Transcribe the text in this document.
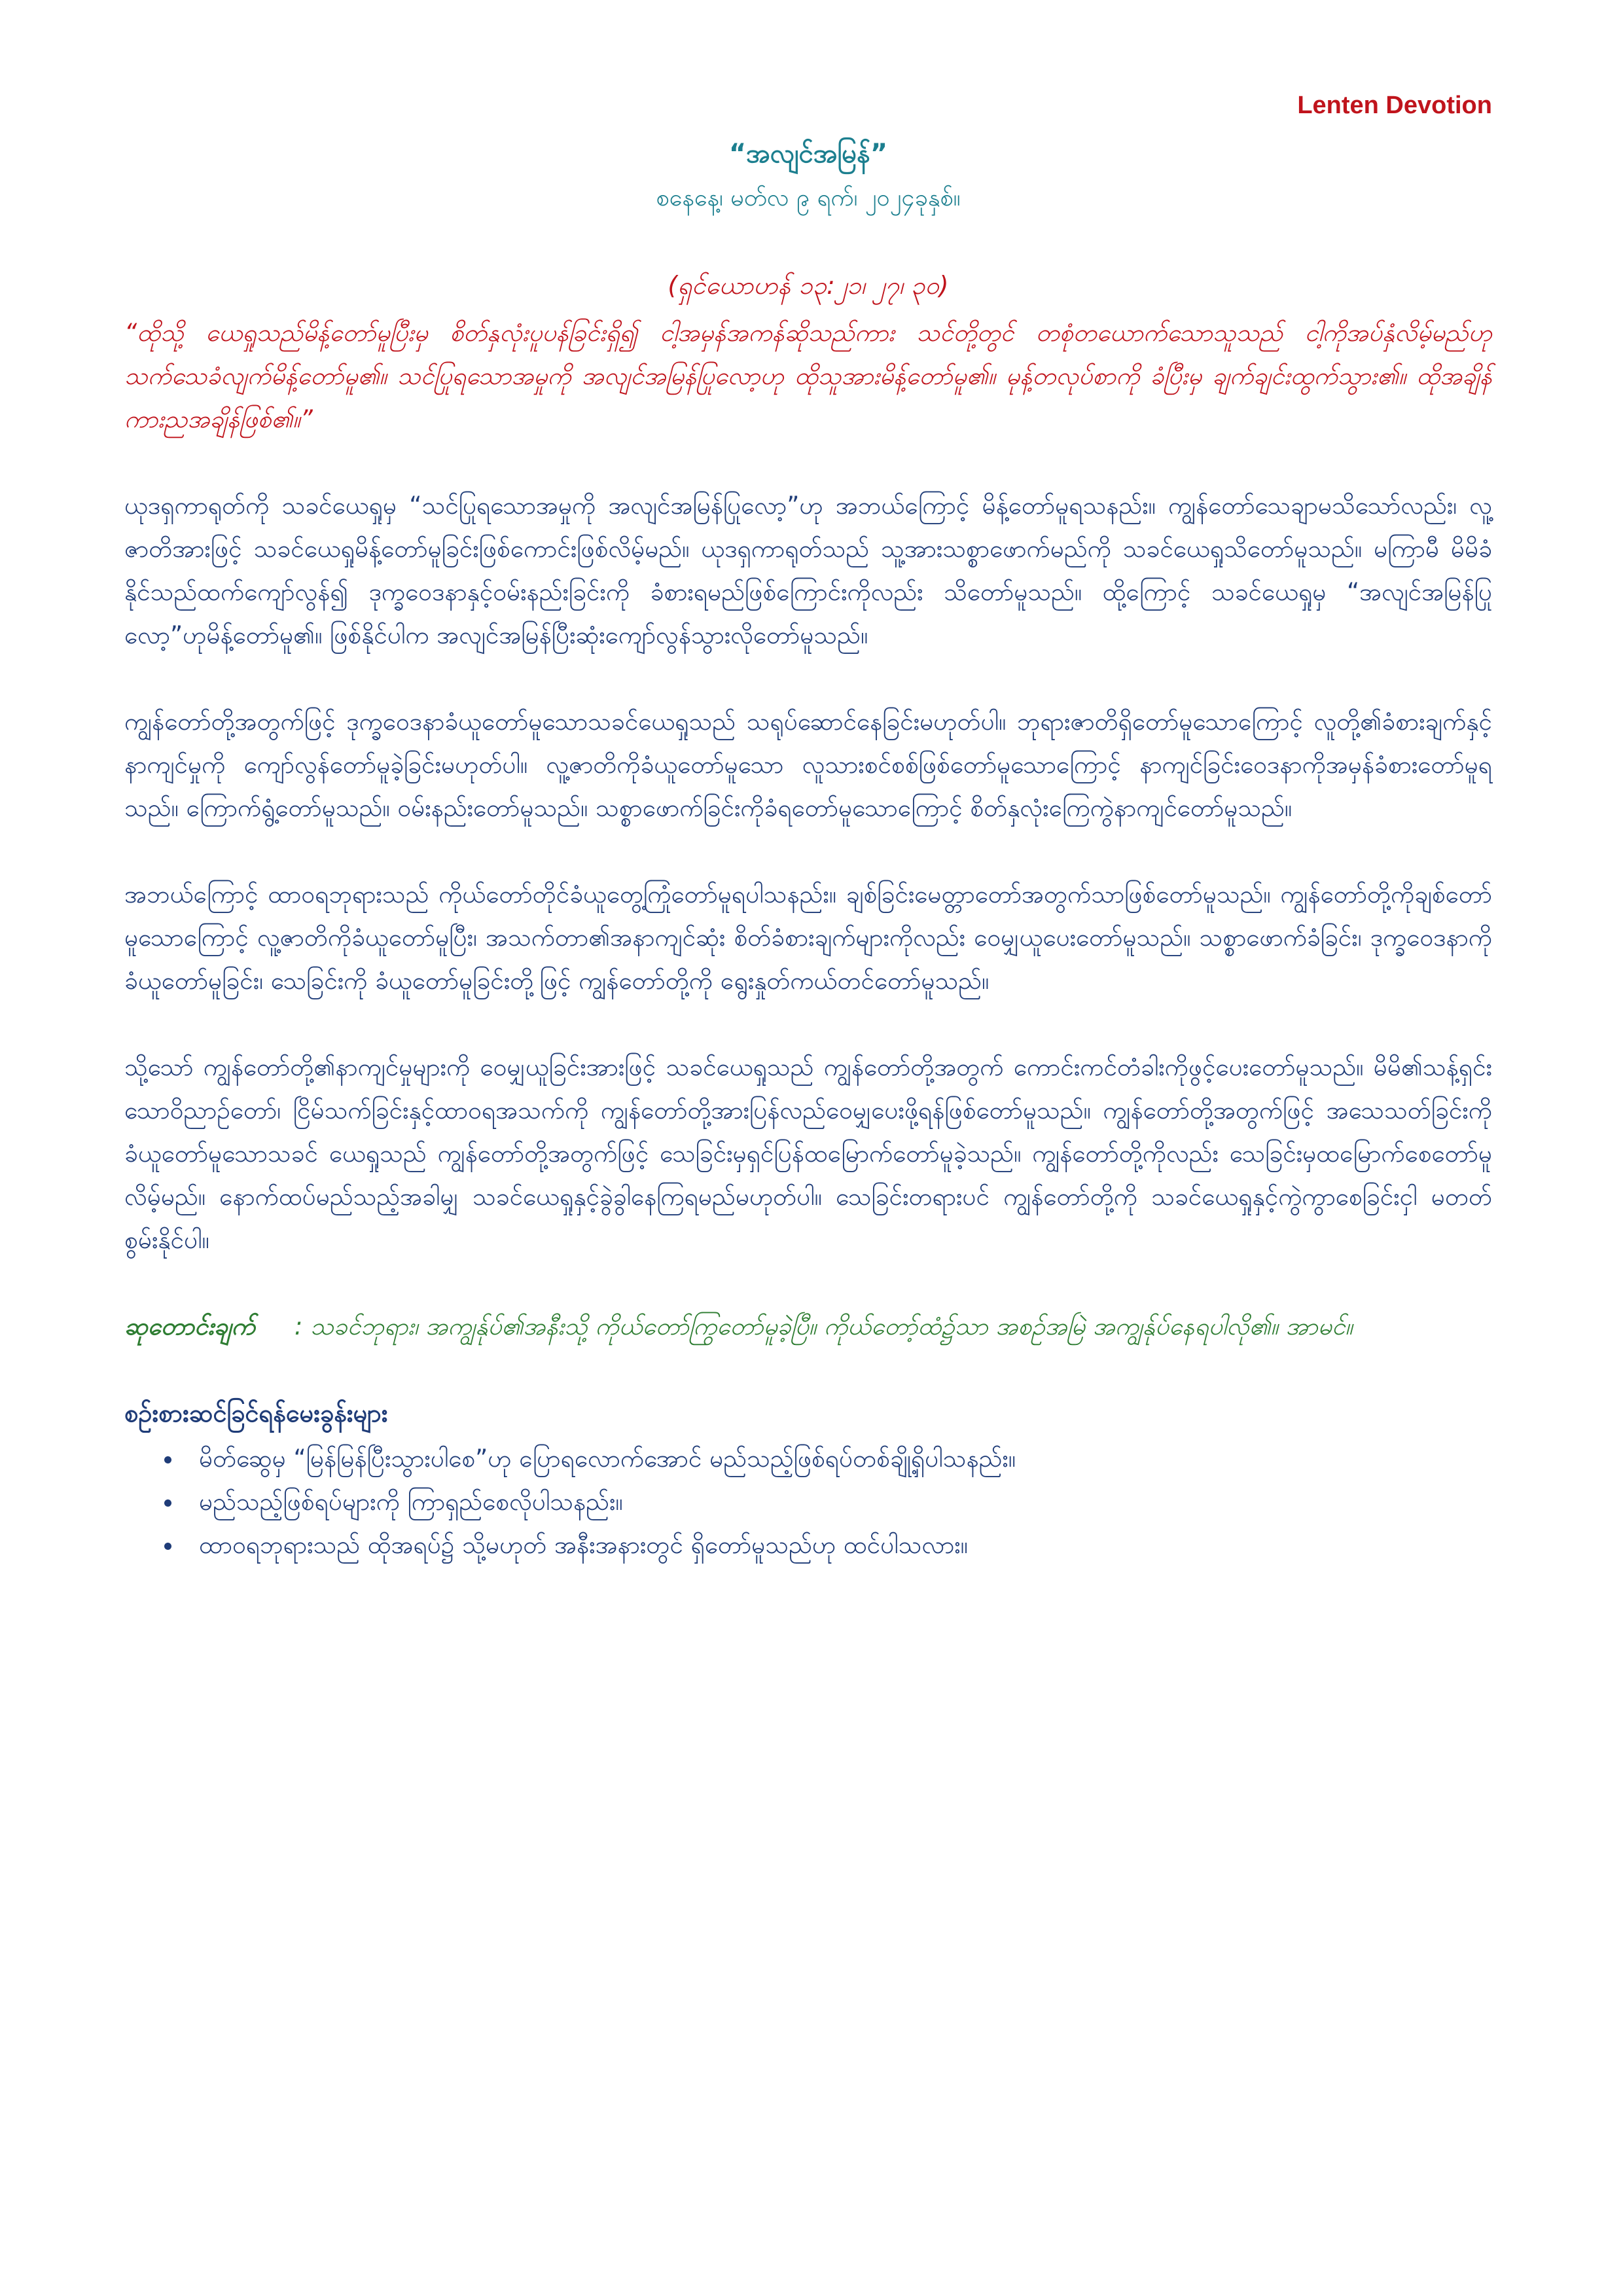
Lenten Devotion
“အလျင်အမြန်”
စနေနေ့၊ မတ်လ ၉ ရက်၊ ၂၀၂၄ခုနှစ်။
(ရှင်ယောဟန် ၁၃:၂၁၊ ၂၇၊ ၃၀)

“ထိုသို့ ယေရှုသည်မိန့်တော်မူပြီးမှ စိတ်နှလုံးပူပန်ခြင်းရှိ၍ ငါ့အမှန်အကန်ဆိုသည်ကား သင်တို့တွင် တစုံတယောက်သောသူသည် ငါ့ကိုအပ်နှံလိမ့်မည်ဟု သက်သေခံလျက်မိန့်တော်မူ၏။ သင်ပြုရသောအမှုကို အလျင်အမြန်ပြုလော့ဟု ထိုသူအားမိန့်တော်မူ၏။ မုန့်တလုပ်စာကို ခံပြီးမှ ချက်ချင်းထွက်သွား၏။ ထိုအချိန်ကားညအချိန်ဖြစ်၏။”

ယုဒရှကာရုတ်ကို သခင်ယေရှုမှ “သင်ပြုရသောအမှုကို အလျင်အမြန်ပြုလော့”ဟု အဘယ်ကြောင့် မိန့်တော်မူရသနည်း။ ကျွန်တော်သေချာမသိသော်လည်း၊ လူ့ဇာတိအားဖြင့် သခင်ယေရှုမိန့်တော်မူခြင်းဖြစ်ကောင်းဖြစ်လိမ့်မည်။ ယုဒရှကာရုတ်သည် သူ့အားသစ္စာဖောက်မည်ကို သခင်ယေရှုသိတော်မူသည်။ မကြာမီ မိမိခံနိုင်သည်ထက်ကျော်လွန်၍ ဒုက္ခဝေဒနာနှင့်ဝမ်းနည်းခြင်းကို ခံစားရမည်ဖြစ်ကြောင်းကိုလည်း သိတော်မူသည်။ ထို့ကြောင့် သခင်ယေရှုမှ “အလျင်အမြန်ပြုလော့”ဟုမိန့်တော်မူ၏။ ဖြစ်နိုင်ပါက အလျင်အမြန်ပြီးဆုံးကျော်လွန်သွားလိုတော်မူသည်။

ကျွန်တော်တို့အတွက်ဖြင့် ဒုက္ခဝေဒနာခံယူတော်မူသောသခင်ယေရှုသည် သရုပ်ဆောင်နေခြင်းမဟုတ်ပါ။ ဘုရားဇာတိရှိတော်မူသောကြောင့် လူတို့၏ခံစားချက်နှင့်နာကျင်မှုကို ကျော်လွန်တော်မူခဲ့ခြင်းမဟုတ်ပါ။ လူ့ဇာတိကိုခံယူတော်မူသော လူသားစင်စစ်ဖြစ်တော်မူသောကြောင့် နာကျင်ခြင်းဝေဒနာကိုအမှန်ခံစားတော်မူရသည်။ ကြောက်ရွံ့တော်မူသည်။ ဝမ်းနည်းတော်မူသည်။ သစ္စာဖောက်ခြင်းကိုခံရတော်မူသောကြောင့် စိတ်နှလုံးကြေကွဲနာကျင်တော်မူသည်။

အဘယ်ကြောင့် ထာဝရဘုရားသည် ကိုယ်တော်တိုင်ခံယူတွေ့ကြုံတော်မူရပါသနည်း။ ချစ်ခြင်းမေတ္တာတော်အတွက်သာဖြစ်တော်မူသည်။ ကျွန်တော်တို့ကိုချစ်တော်မူသောကြောင့် လူ့ဇာတိကိုခံယူတော်မူပြီး၊ အသက်တာ၏အနာကျင်ဆုံး စိတ်ခံစားချက်များကိုလည်း ဝေမျှယူပေးတော်မူသည်။ သစ္စာဖောက်ခံခြင်း၊ ဒုက္ခဝေဒနာကိုခံယူတော်မူခြင်း၊ သေခြင်းကို ခံယူတော်မူခြင်းတို့ဖြင့် ကျွန်တော်တို့ကို ရွေးနှုတ်ကယ်တင်တော်မူသည်။

သို့သော် ကျွန်တော်တို့၏နာကျင်မှုများကို ဝေမျှယူခြင်းအားဖြင့် သခင်ယေရှုသည် ကျွန်တော်တို့အတွက် ကောင်းကင်တံခါးကိုဖွင့်ပေးတော်မူသည်။ မိမိ၏သန့်ရှင်းသောဝိညာဉ်တော်၊ ငြိမ်သက်ခြင်းနှင့်ထာဝရအသက်ကို ကျွန်တော်တို့အားပြန်လည်ဝေမျှပေးဖို့ရန်ဖြစ်တော်မူသည်။ ကျွန်တော်တို့အတွက်ဖြင့် အသေသတ်ခြင်းကို ခံယူတော်မူသောသခင် ယေရှုသည် ကျွန်တော်တို့အတွက်ဖြင့် သေခြင်းမှရှင်ပြန်ထမြောက်တော်မူခဲ့သည်။ ကျွန်တော်တို့ကိုလည်း သေခြင်းမှထမြောက်စေတော်မူလိမ့်မည်။ နောက်ထပ်မည်သည့်အခါမျှ သခင်ယေရှုနှင့်ခွဲခွါနေကြရမည်မဟုတ်ပါ။ သေခြင်းတရားပင် ကျွန်တော်တို့ကို သခင်ယေရှုနှင့်ကွဲကွာစေခြင်းငှါ မတတ်စွမ်းနိုင်ပါ။

ဆုတောင်းချက် : သခင်ဘုရား၊ အကျွန်ုပ်၏အနီးသို့ ကိုယ်တော်ကြွတော်မူခဲ့ပြီ။ ကိုယ်တော့်ထံ၌သာ အစဉ်အမြဲ အကျွန်ုပ်နေရပါလို၏။ အာမင်။

စဉ်းစားဆင်ခြင်ရန်မေးခွန်းများ
• မိတ်ဆွေမှ “မြန်မြန်ပြီးသွားပါစေ”ဟု ပြောရလောက်အောင် မည်သည့်ဖြစ်ရပ်တစ်ချို့ရှိပါသနည်း။
• မည်သည့်ဖြစ်ရပ်များကို ကြာရှည်စေလိုပါသနည်း။
• ထာဝရဘုရားသည် ထိုအရပ်၌ သို့မဟုတ် အနီးအနားတွင် ရှိတော်မူသည်ဟု ထင်ပါသလား။
